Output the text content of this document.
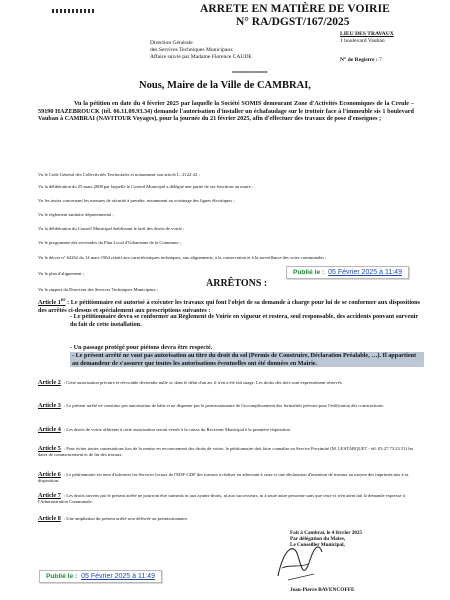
ARRETE EN MATIÈRE DE VOIRIE
N° RA/DGST/167/2025
Direction Générale
des Services Techniques Municipaux
Affaire suivie par Madame Florence CAUDE
LIEU DES TRAVAUX
1 boulevard Vauban
N° de Registre : 7
============
Nous, Maire de la Ville de CAMBRAI,
Vu la pétition en date du 4 février 2025 par laquelle la Société SOMIS demeurant Zone d'Activités Economiques de la Creule – 59190 HAZEBROUCK (tél. 06.11.09.93.34) demande l'autorisation d'installer un échafaudage sur le trottoir face à l'immeuble sis 1 boulevard Vauban à CAMBRAI (NAVITOUR Voyages), pour la journée du 21 février 2025, afin d'effectuer des travaux de pose d'enseignes ;
Vu le Code Général des Collectivités Territoriales et notamment son article L. 2122-22 ;
Vu la délibération du 25 mars 2008 par laquelle le Conseil Municipal a délégué une partie de ses fonctions au maire ;
Vu les textes concernant les mesures de sécurité à prendre, notamment au voisinage des lignes électriques ;
Vu le règlement sanitaire départemental ;
Vu la délibération du Conseil Municipal établissant le tarif des droits de voirie ;
Vu le programme des servitudes du Plan Local d'Urbanisme de la Commune ;
Vu le décret n° 64262 du 14 mars 1964 relatif aux caractéristiques techniques, aux alignements, à la conservation et à la surveillance des voies communales ;
Vu le plan d'alignement ;
Vu le rapport du Directeur des Services Techniques Municipaux ;
Publié le : 05 Février 2025 à 11:49
ARRÊTONS :
Article 1er : Le pétitionnaire est autorisé à exécuter les travaux qui font l'objet de sa demande à charge pour lui de se conformer aux dispositions des arrêtés ci-dessus et spécialement aux prescriptions suivantes :
- Le pétitionnaire devra se conformer au Règlement de Voirie en vigueur et restera, seul responsable, des accidents pouvant survenir du fait de cette installation.
- Un passage protégé pour piétons devra être respecté.
- Le présent arrêté ne vaut pas autorisation au titre du droit du sol (Permis de Construire, Déclaration Préalable, …). Il appartient au demandeur de s'assurer que toutes les autorisations éventuelles ont été données en Mairie.
Article 2 : Cette autorisation précaire et révocable deviendra nulle si, dans le délai d'un an, il n'en a été fait usage. Les droits des tiers sont expressément réservés.
Article 3 : Le présent arrêté ne constitue pas autorisation de bâtir et ne dispense pas le permissionnaire de l'accomplissement des formalités prévues pour l'édification des constructions.
Article 4 : Les droits de voirie afférents à cette autorisation seront versés à la caisse du Receveur Municipal à la première réquisition.
Article 5 : Pour éviter toutes contestations lors de la remise en recouvrement des droits de voirie, le pétitionnaire doit faire connaître au Service Proximité (M. LESTARQUET - tél. 03.27.73.23.51) les dates de commencement et de fin des travaux.
Article 6 : Le pétitionnaire est tenu d'informer les Services locaux de l'EDF-GDF des travaux à réaliser en adressant à ceux-ci une déclaration d'intention de travaux au moyen des imprimés mis à sa disposition.
Article 7 : Les droits ouverts par le présent arrêté ne pourront être transmis ni aux ayants-droits, ni aux successeurs, ni à toute autre personne sans que ceux-ci n'en aient fait la demande expresse à l'Administration Communale.
Article 8 : Une ampliation du présent arrêté sera délivrée au permissionnaire.
Fait à Cambrai, le 4 février 2025
Par délégation du Maire,
Le Conseiller Municipal,
Jean-Pierre BAVENCOFFE
Publié le : 05 Février 2025 à 11:49
